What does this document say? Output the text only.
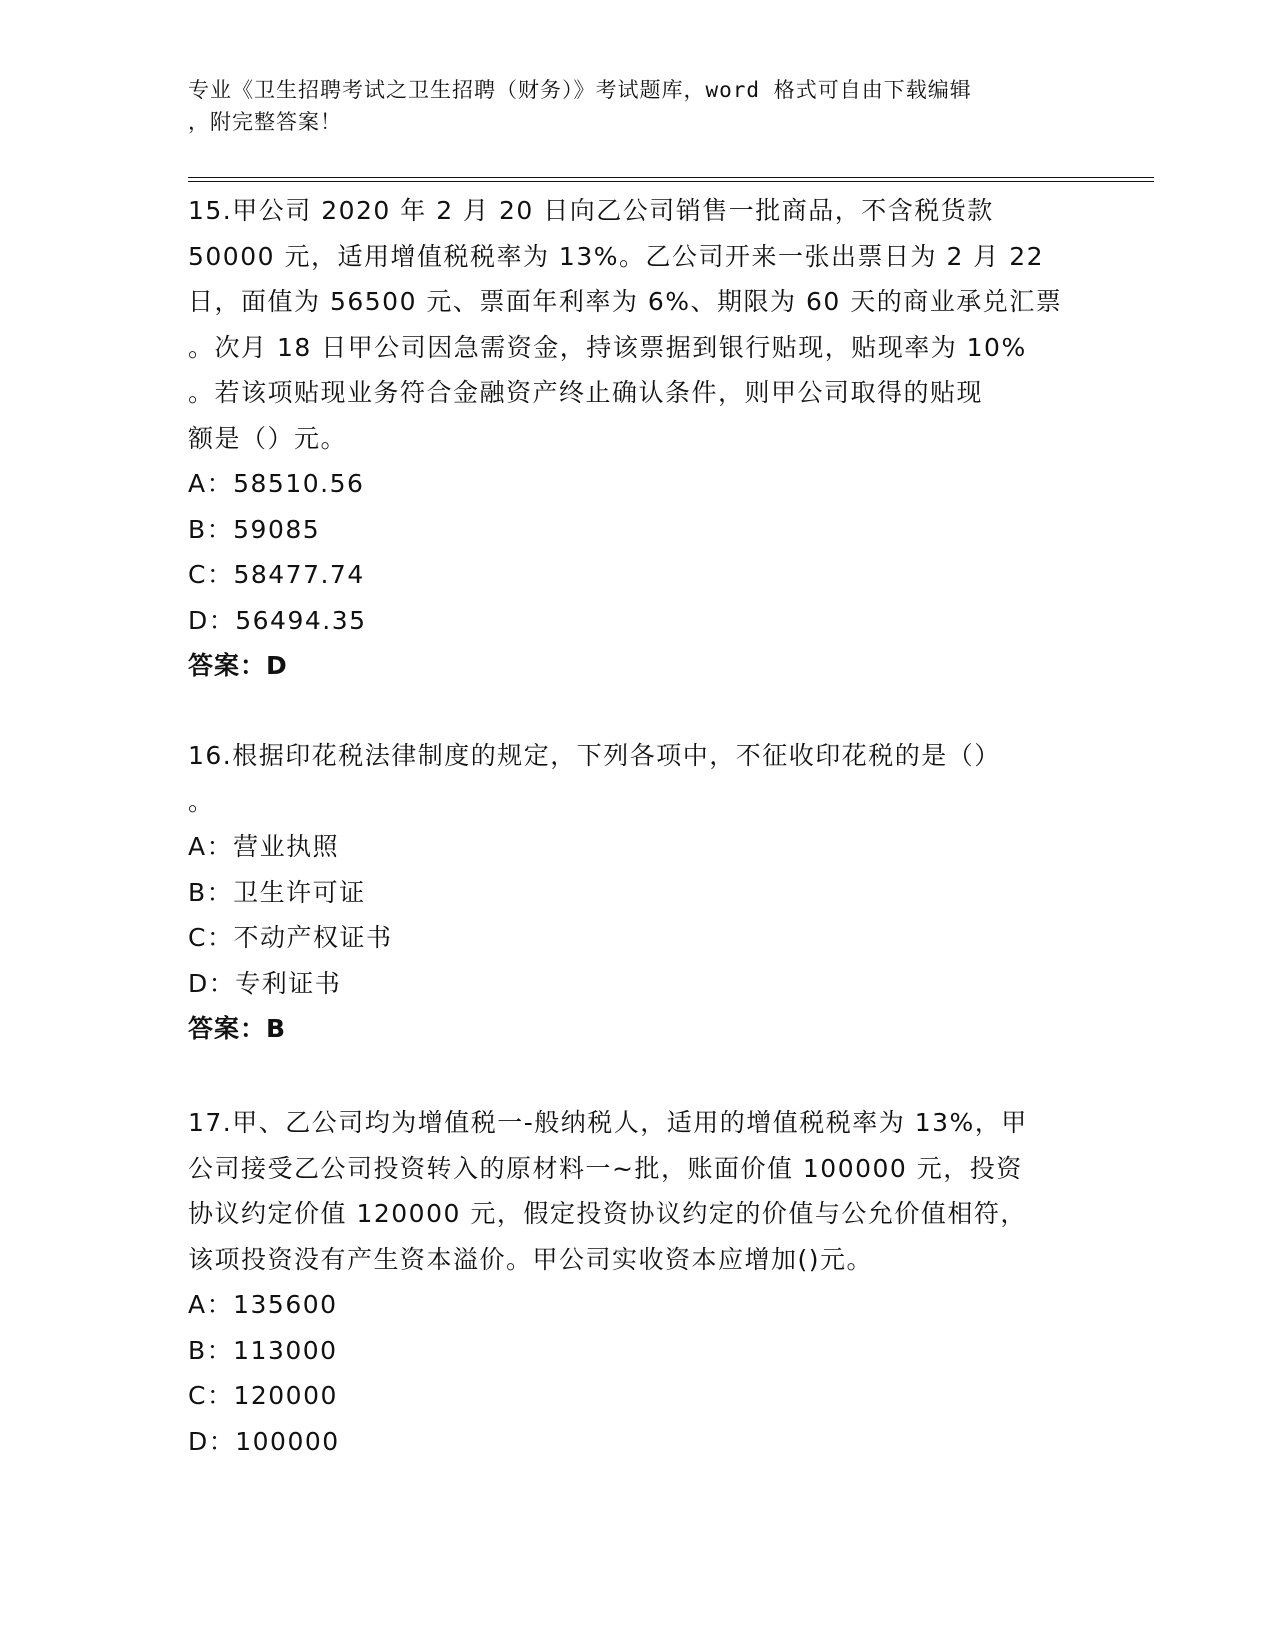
专业《卫生招聘考试之卫生招聘（财务）》考试题库，word 格式可自由下载编辑
，附完整答案！
15.甲公司 2020 年 2 月 20 日向乙公司销售一批商品，不含税货款
50000 元，适用增值税税率为 13%。乙公司开来一张出票日为 2 月 22
日，面值为 56500 元、票面年利率为 6%、期限为 60 天的商业承兑汇票
。次月 18 日甲公司因急需资金，持该票据到银行贴现，贴现率为 10%
。若该项贴现业务符合金融资产终止确认条件，则甲公司取得的贴现
额是（）元。
A：58510.56
B：59085
C：58477.74
D：56494.35
答案：D
16.根据印花税法律制度的规定，下列各项中，不征收印花税的是（）
。
A：营业执照
B：卫生许可证
C：不动产权证书
D：专利证书
答案：B
17.甲、乙公司均为增值税一-般纳税人，适用的增值税税率为 13%，甲
公司接受乙公司投资转入的原材料一~批，账面价值 100000 元，投资
协议约定价值 120000 元，假定投资协议约定的价值与公允价值相符，
该项投资没有产生资本溢价。甲公司实收资本应增加()元。
A：135600
B：113000
C：120000
D：100000
